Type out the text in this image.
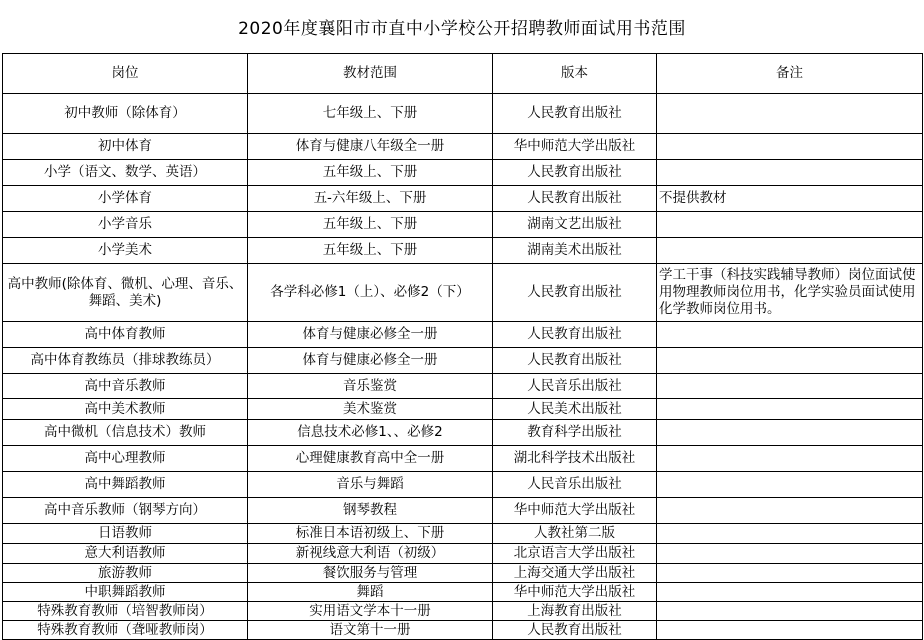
2020年度襄阳市市直中小学校公开招聘教师面试用书范围
岗位	教材范围	版本	备注
初中教师（除体育）	七年级上、下册	人民教育出版社	
初中体育	体育与健康八年级全一册	华中师范大学出版社	
小学（语文、数学、英语）	五年级上、下册	人民教育出版社	
小学体育	五-六年级上、下册	人民教育出版社	不提供教材
小学音乐	五年级上、下册	湖南文艺出版社	
小学美术	五年级上、下册	湖南美术出版社	
高中教师(除体育、微机、心理、音乐、舞蹈、美术)	各学科必修1（上）、必修2（下）	人民教育出版社	学工干事（科技实践辅导教师）岗位面试使用物理教师岗位用书，化学实验员面试使用化学教师岗位用书。
高中体育教师	体育与健康必修全一册	人民教育出版社	
高中体育教练员（排球教练员）	体育与健康必修全一册	人民教育出版社	
高中音乐教师	音乐鉴赏	人民音乐出版社	
高中美术教师	美术鉴赏	人民美术出版社	
高中微机（信息技术）教师	信息技术必修1、、必修2	教育科学出版社	
高中心理教师	心理健康教育高中全一册	湖北科学技术出版社	
高中舞蹈教师	音乐与舞蹈	人民音乐出版社	
高中音乐教师（钢琴方向）	钢琴教程	华中师范大学出版社	
日语教师	标准日本语初级上、下册	人教社第二版	
意大利语教师	新视线意大利语（初级）	北京语言大学出版社	
旅游教师	餐饮服务与管理	上海交通大学出版社	
中职舞蹈教师	舞蹈	华中师范大学出版社	
特殊教育教师（培智教师岗）	实用语文学本十一册	上海教育出版社	
特殊教育教师（聋哑教师岗）	语文第十一册	人民教育出版社	
